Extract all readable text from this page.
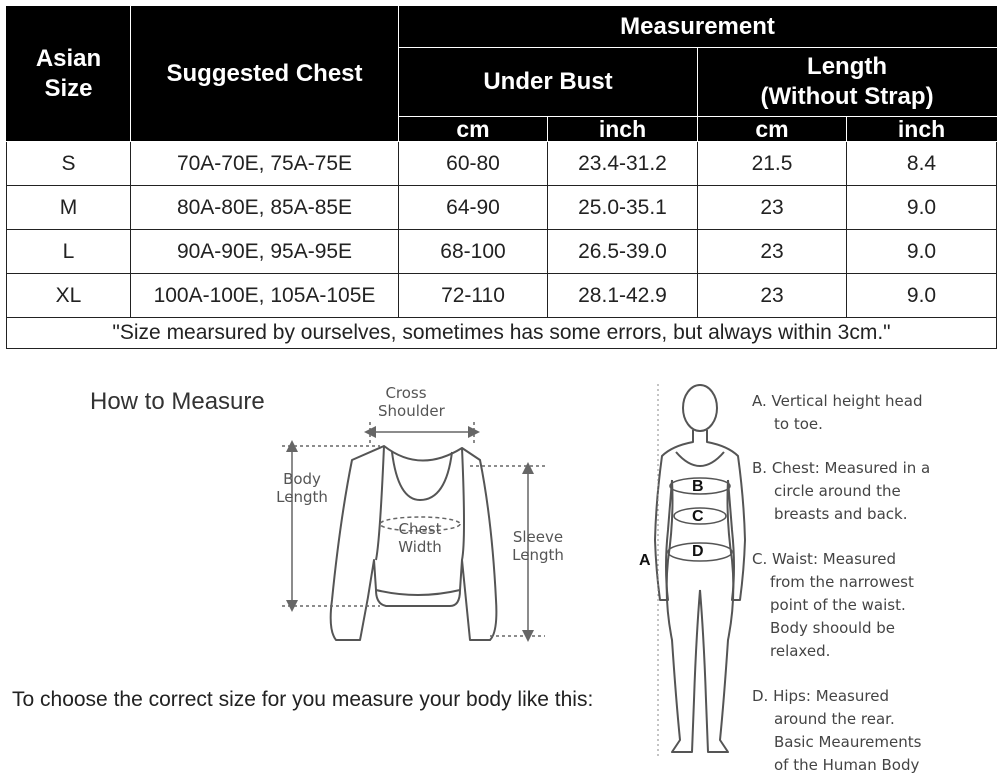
Asian
Size	Suggested Chest	Measurement			
		Under Bust		Length
(Without Strap)	

		cm	inch	cm	inch
S	70A-70E, 75A-75E	60-80	23.4-31.2	21.5	8.4
M	80A-80E, 85A-85E	64-90	25.0-35.1	23	9.0
L	90A-90E, 95A-95E	68-100	26.5-39.0	23	9.0
XL	100A-100E, 105A-105E	72-110	28.1-42.9	23	9.0
"Size mearsured by ourselves, sometimes has some errors, but always within 3cm."					
How to Measure
To choose the correct size for you measure your body like this:
Cross
Shoulder
Body
Length
Chest
Width
Sleeve
Length	A
B
C
D
A. Vertical height head
to toe.
B. Chest: Measured in a
circle around the
breasts and back.
C. Waist: Measured
from the narrowest
point of the waist.
Body shoould be
relaxed.
D. Hips: Measured
around the rear.
Basic Meaurements
of the Human Body
